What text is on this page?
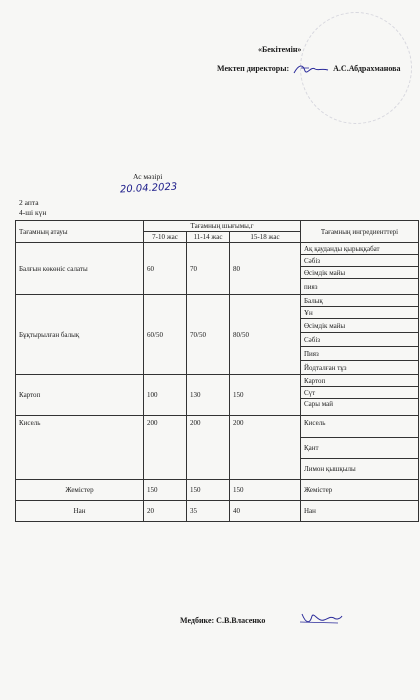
«Бекітемін»
Мектеп директоры:	А.С.Абдрахманова
Ас мәзірі
20.04.2023
2 апта
4-ші күн
Тағамның атауы	Тағамның шығымы,г			Тағамның ингредиенттері
	7-10 жас	11-14 жас	15-18 жас	
Балғын көкөніс салаты	60	70	80	Ақ қауданды қырыққабат
				Сәбіз
				Өсімдік майы
				пияз
Бұқтырылған балық	60/50	70/50	80/50	Балық
				Ұн
				Өсімдік майы
				Сәбіз
				Пияз
				Йодталған тұз
Картоп	100	130	150	Картоп
				Сүт
				Сары май
Кисель	200	200	200	Кисель
				Қант
				Лимон қышқылы
Жемістер	150	150	150	Жемістер
Нан	20	35	40	Нан
Медбике: С.В.Власенко
